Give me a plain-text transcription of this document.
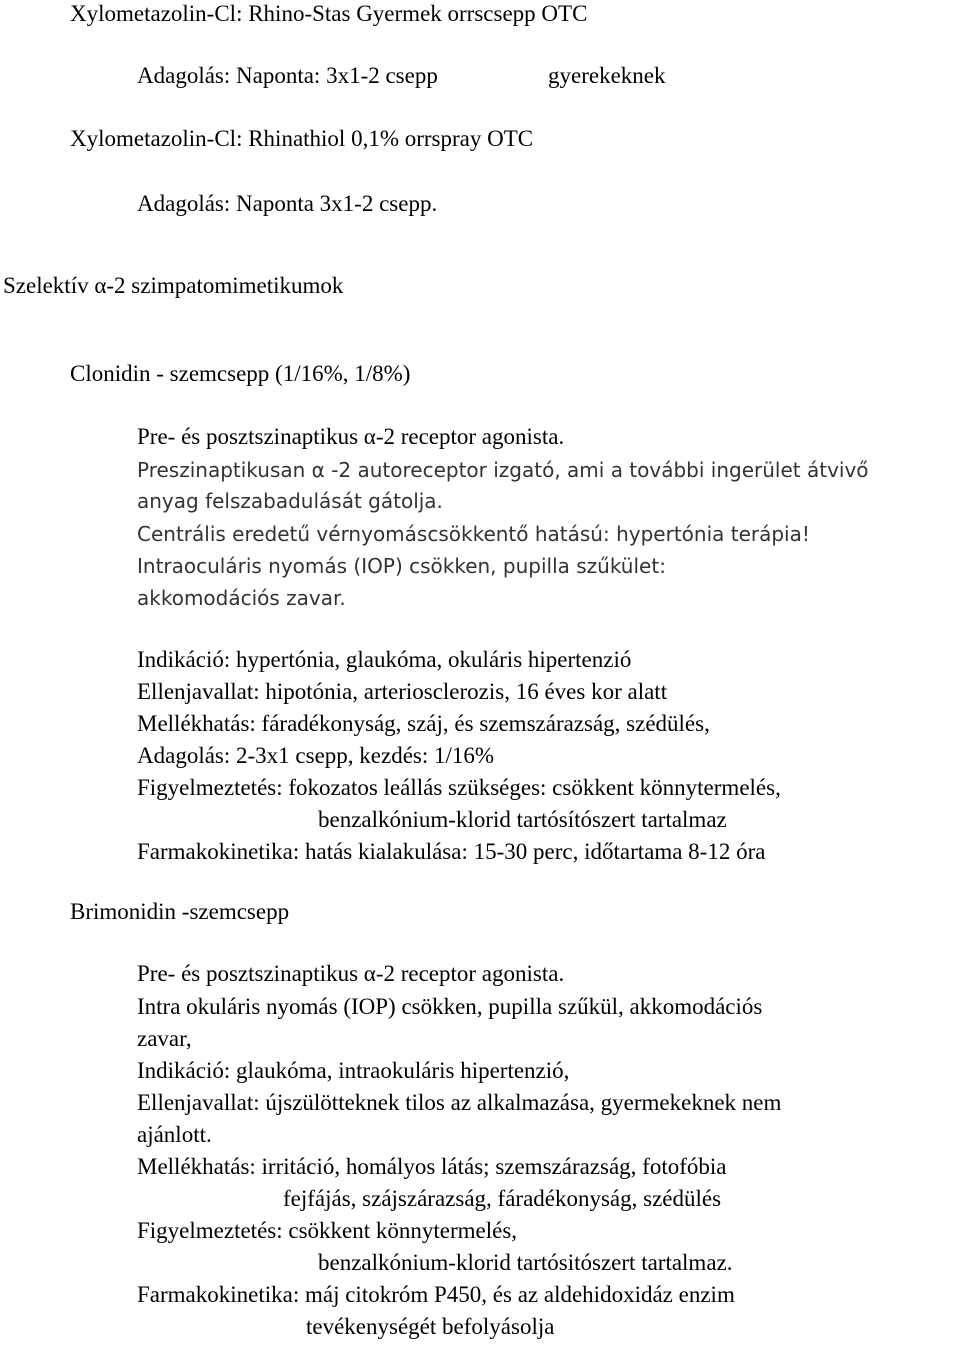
Xylometazolin-Cl: Rhino-Stas Gyermek orrscsepp OTC
Adagolás: Naponta: 3x1-2 csepp	gyerekeknek
Xylometazolin-Cl: Rhinathiol 0,1% orrspray OTC
Adagolás: Naponta 3x1-2 csepp.
Szelektív α-2 szimpatomimetikumok
Clonidin - szemcsepp (1/16%, 1/8%)
Pre- és posztszinaptikus α-2 receptor agonista.
Preszinaptikusan α -2 autoreceptor izgató, ami a további ingerület átvivő
anyag felszabadulását gátolja.
Centrális eredetű vérnyomáscsökkentő hatású: hypertónia terápia!
Intraoculáris nyomás (IOP) csökken, pupilla szűkület:
akkomodációs zavar.
Indikáció: hypertónia, glaukóma, okuláris hipertenzió
Ellenjavallat: hipotónia, arteriosclerozis, 16 éves kor alatt
Mellékhatás: fáradékonyság, száj, és szemszárazság, szédülés,
Adagolás: 2-3x1 csepp, kezdés: 1/16%
Figyelmeztetés: fokozatos leállás szükséges: csökkent könnytermelés,
benzalkónium-klorid tartósítószert tartalmaz
Farmakokinetika: hatás kialakulása: 15-30 perc, időtartama 8-12 óra
Brimonidin -szemcsepp
Pre- és posztszinaptikus α-2 receptor agonista.
Intra okuláris nyomás (IOP) csökken, pupilla szűkül, akkomodációs
zavar,
Indikáció: glaukóma, intraokuláris hipertenzió,
Ellenjavallat: újszülötteknek tilos az alkalmazása, gyermekeknek nem
ajánlott.
Mellékhatás: irritáció, homályos látás; szemszárazság, fotofóbia
fejfájás, szájszárazság, fáradékonyság, szédülés
Figyelmeztetés: csökkent könnytermelés,
benzalkónium-klorid tartósitószert tartalmaz.
Farmakokinetika: máj citokróm P450, és az aldehidoxidáz enzim
tevékenységét befolyásolja
